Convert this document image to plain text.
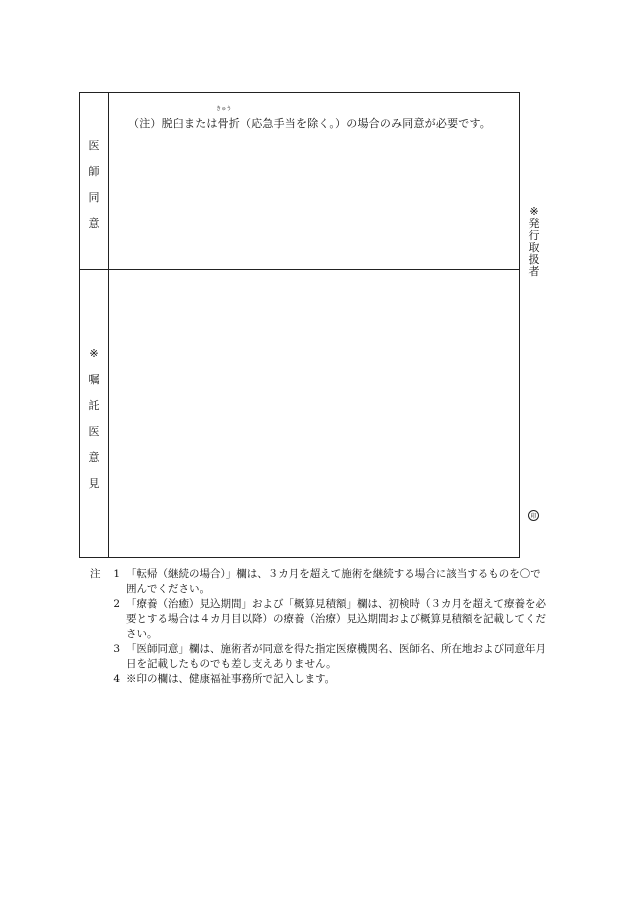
医
師
同
意
きゅう
（注）脱臼または骨折（応急手当を除く。）の場合のみ同意が必要です。
※
嘱
託
医
意
見
※
発
行
取
扱
者
印
注	1 「転帰（継続の場合）」欄は、３カ月を超えて施術を継続する場合に該当するものを〇で囲んでください。
2 「療養（治癒）見込期間」および「概算見積額」欄は、初検時（３カ月を超えて療養を必要とする場合は４カ月目以降）の療養（治療）見込期間および概算見積額を記載してください。
3 「医師同意」欄は、施術者が同意を得た指定医療機関名、医師名、所在地および同意年月日を記載したものでも差し支えありません。
4 ※印の欄は、健康福祉事務所で記入します。
